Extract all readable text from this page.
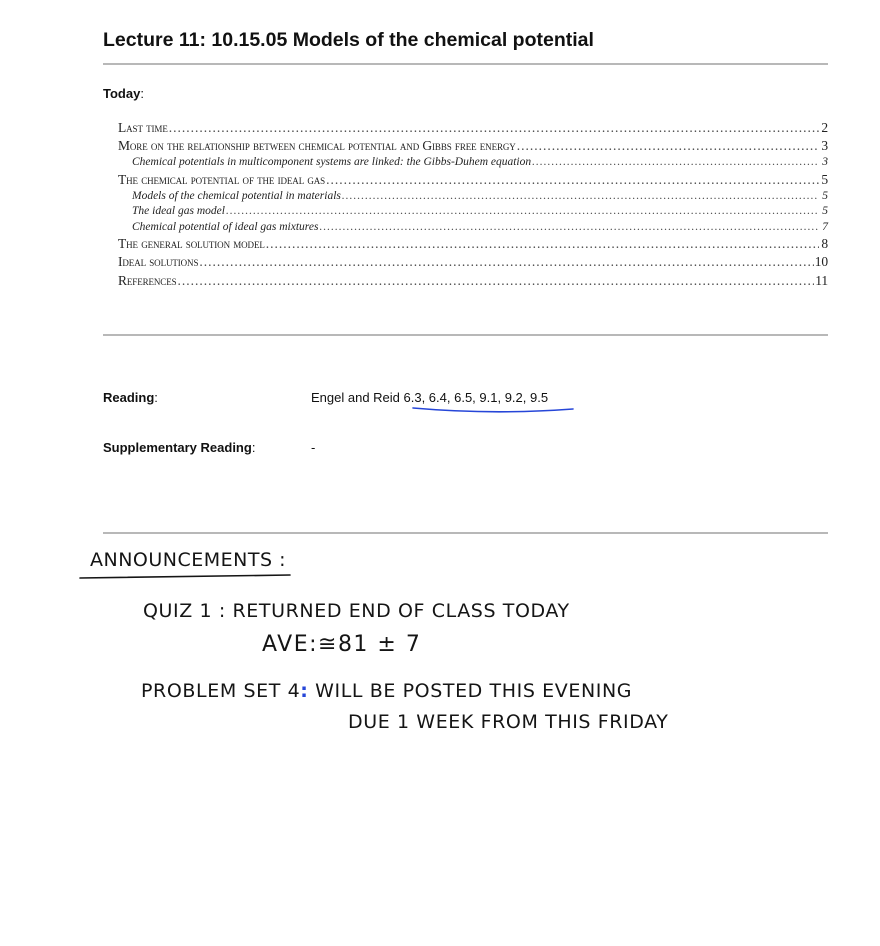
Lecture 11: 10.15.05 Models of the chemical potential
Today:
Last time .....	2
More on the relationship between chemical potential and Gibbs free energy .....	3
Chemical potentials in multicomponent systems are linked: the Gibbs-Duhem equation .....	3
The chemical potential of the ideal gas .....	5
Models of the chemical potential in materials .....	5
The ideal gas model .....	5
Chemical potential of ideal gas mixtures .....	7
The general solution model .....	8
Ideal solutions .....	10
References .....	11
Reading:	Engel and Reid 6.3, 6.4, 6.5, 9.1, 9.2, 9.5
Supplementary Reading:	-
ANNOUNCEMENTS :
QUIZ 1 : RETURNED END OF CLASS TODAY
AVE:≅81 ± 7
PROBLEM SET 4: WILL BE POSTED THIS EVENING
DUE 1 WEEK FROM THIS FRIDAY
